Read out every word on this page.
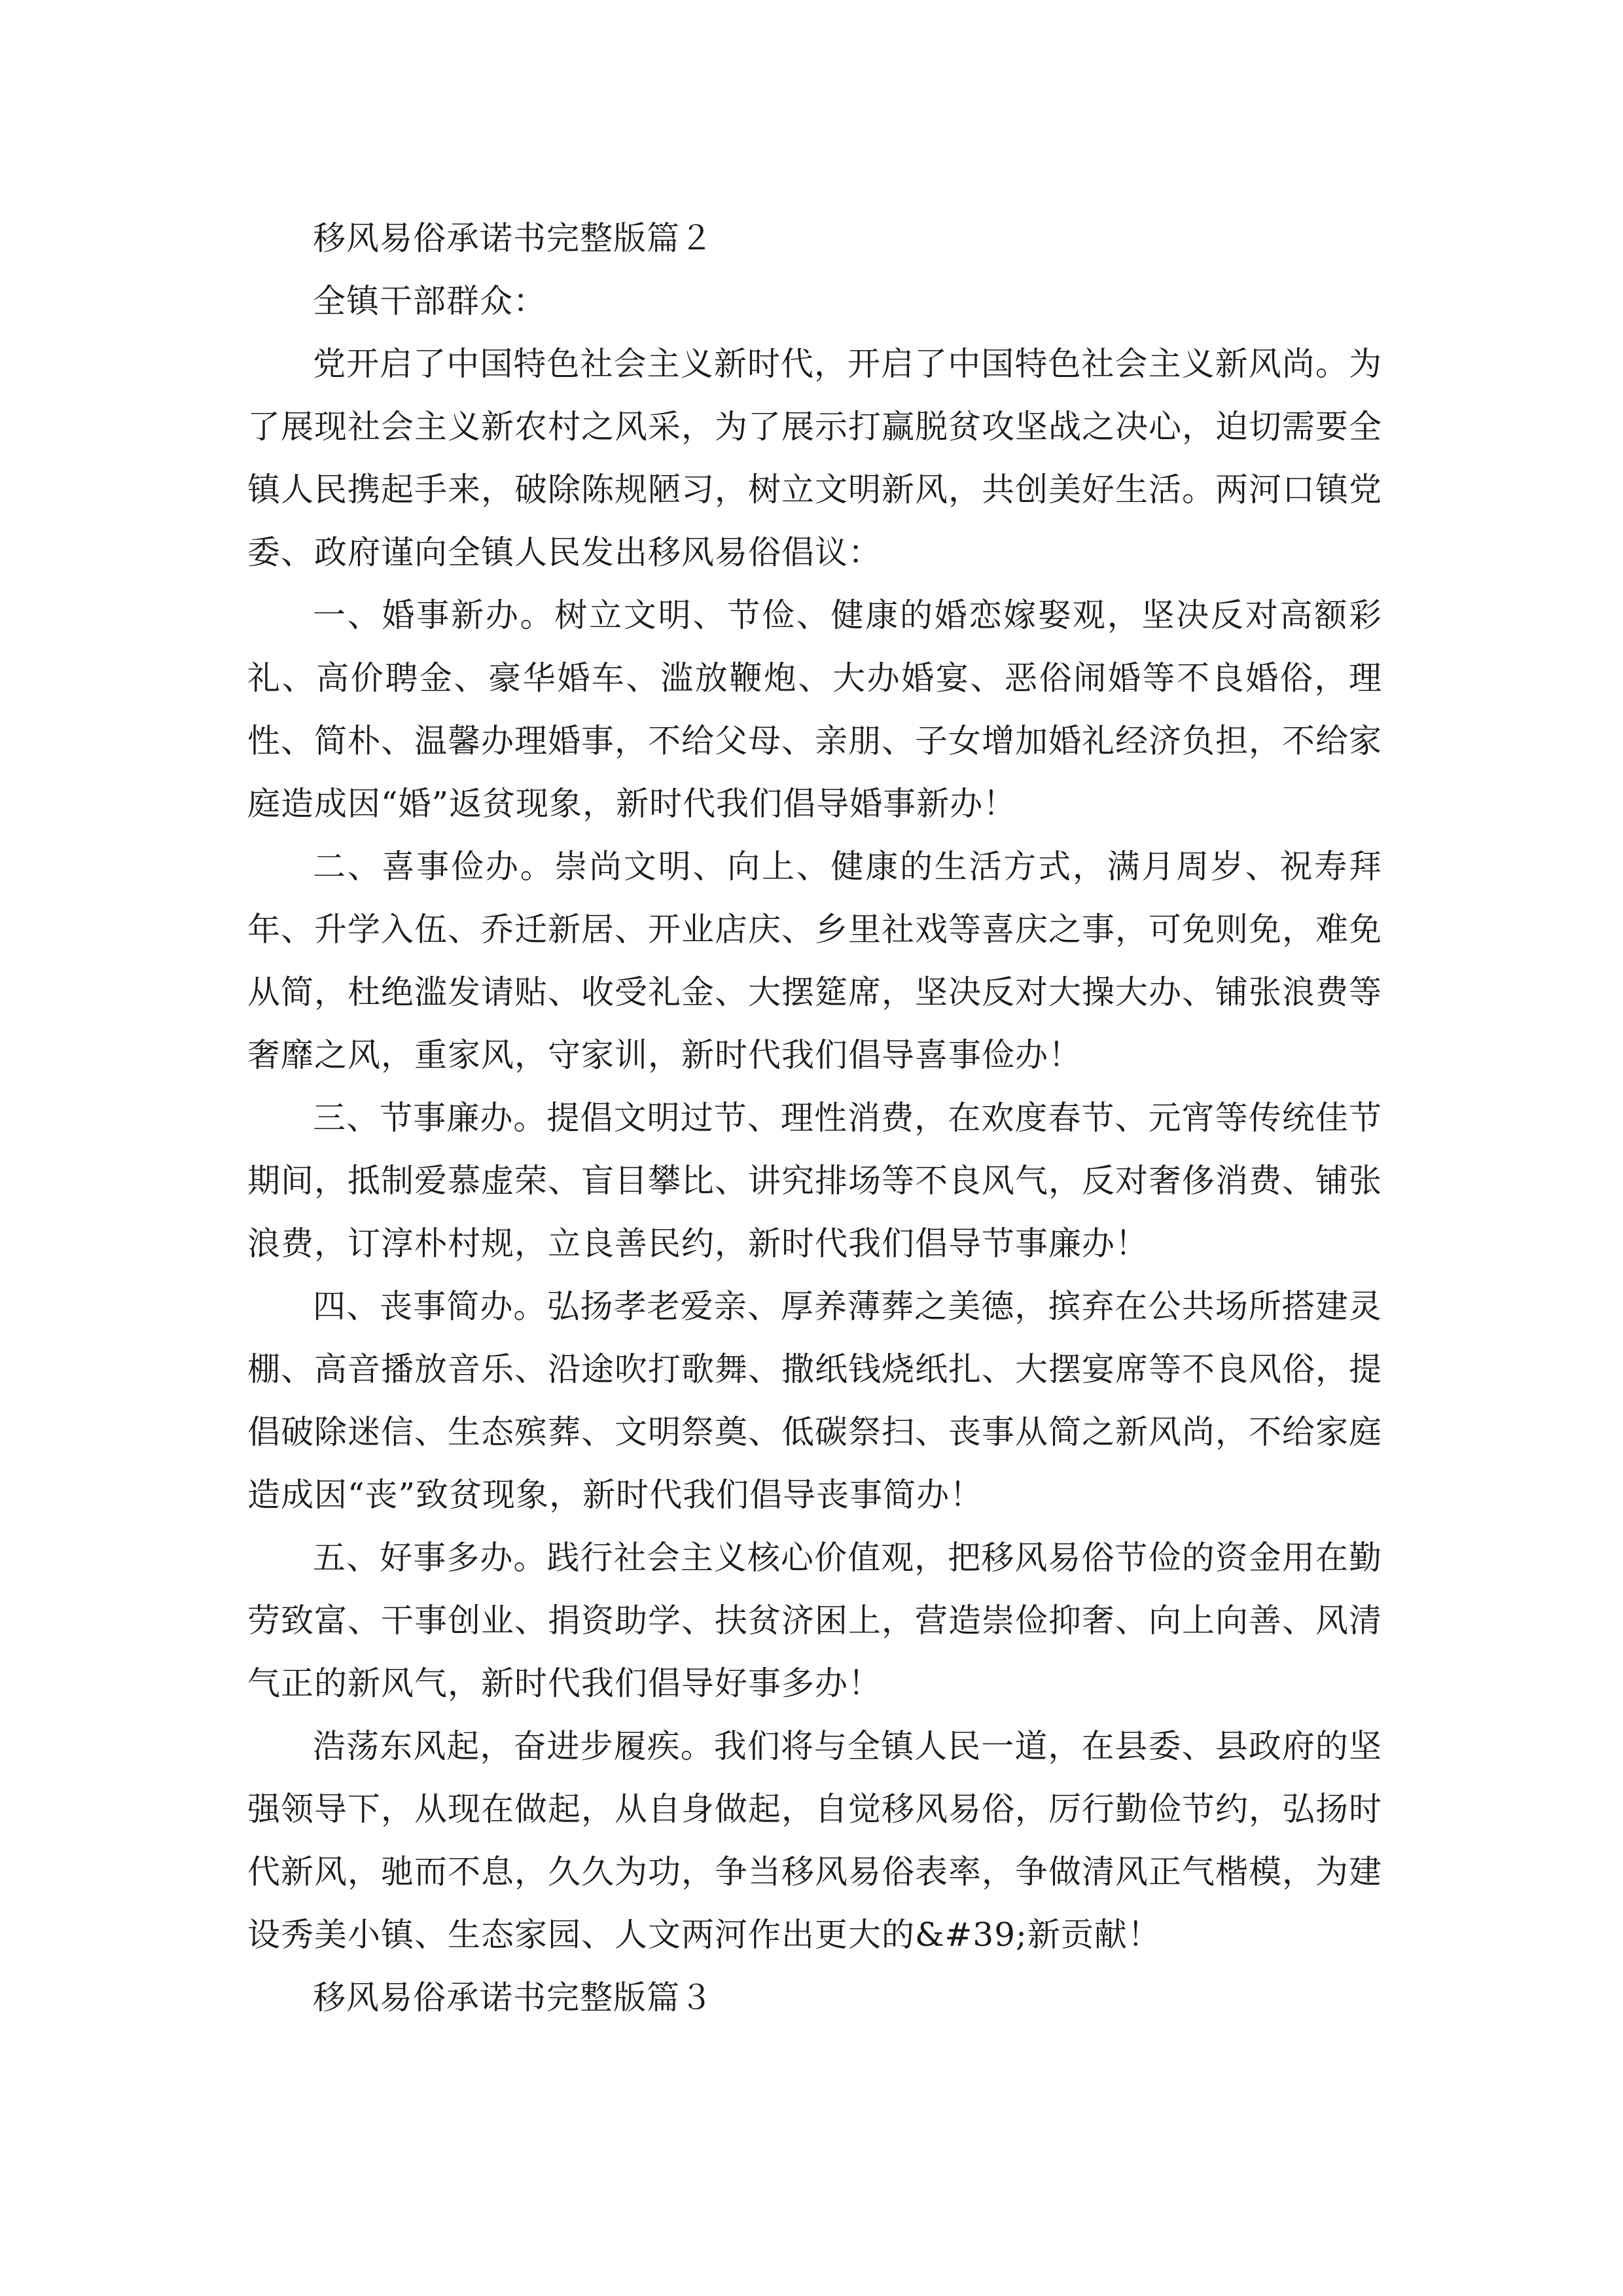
移风易俗承诺书完整版篇２

全镇干部群众：

党开启了中国特色社会主义新时代，开启了中国特色社会主义新风尚。为了展现社会主义新农村之风采，为了展示打赢脱贫攻坚战之决心，迫切需要全镇人民携起手来，破除陈规陋习，树立文明新风，共创美好生活。两河口镇党委、政府谨向全镇人民发出移风易俗倡议：

一、婚事新办。树立文明、节俭、健康的婚恋嫁娶观，坚决反对高额彩礼、高价聘金、豪华婚车、滥放鞭炮、大办婚宴、恶俗闹婚等不良婚俗，理性、简朴、温馨办理婚事，不给父母、亲朋、子女增加婚礼经济负担，不给家庭造成因“婚”返贫现象，新时代我们倡导婚事新办！

二、喜事俭办。崇尚文明、向上、健康的生活方式，满月周岁、祝寿拜年、升学入伍、乔迁新居、开业店庆、乡里社戏等喜庆之事，可免则免，难免从简，杜绝滥发请贴、收受礼金、大摆筵席，坚决反对大操大办、铺张浪费等奢靡之风，重家风，守家训，新时代我们倡导喜事俭办！

三、节事廉办。提倡文明过节、理性消费，在欢度春节、元宵等传统佳节期间，抵制爱慕虚荣、盲目攀比、讲究排场等不良风气，反对奢侈消费、铺张浪费，订淳朴村规，立良善民约，新时代我们倡导节事廉办！

四、丧事简办。弘扬孝老爱亲、厚养薄葬之美德，摈弃在公共场所搭建灵棚、高音播放音乐、沿途吹打歌舞、撒纸钱烧纸扎、大摆宴席等不良风俗，提倡破除迷信、生态殡葬、文明祭奠、低碳祭扫、丧事从简之新风尚，不给家庭造成因“丧”致贫现象，新时代我们倡导丧事简办！

五、好事多办。践行社会主义核心价值观，把移风易俗节俭的资金用在勤劳致富、干事创业、捐资助学、扶贫济困上，营造崇俭抑奢、向上向善、风清气正的新风气，新时代我们倡导好事多办！

浩荡东风起，奋进步履疾。我们将与全镇人民一道，在县委、县政府的坚强领导下，从现在做起，从自身做起，自觉移风易俗，厉行勤俭节约，弘扬时代新风，驰而不息，久久为功，争当移风易俗表率，争做清风正气楷模，为建设秀美小镇、生态家园、人文两河作出更大的&#39;新贡献！

移风易俗承诺书完整版篇３
